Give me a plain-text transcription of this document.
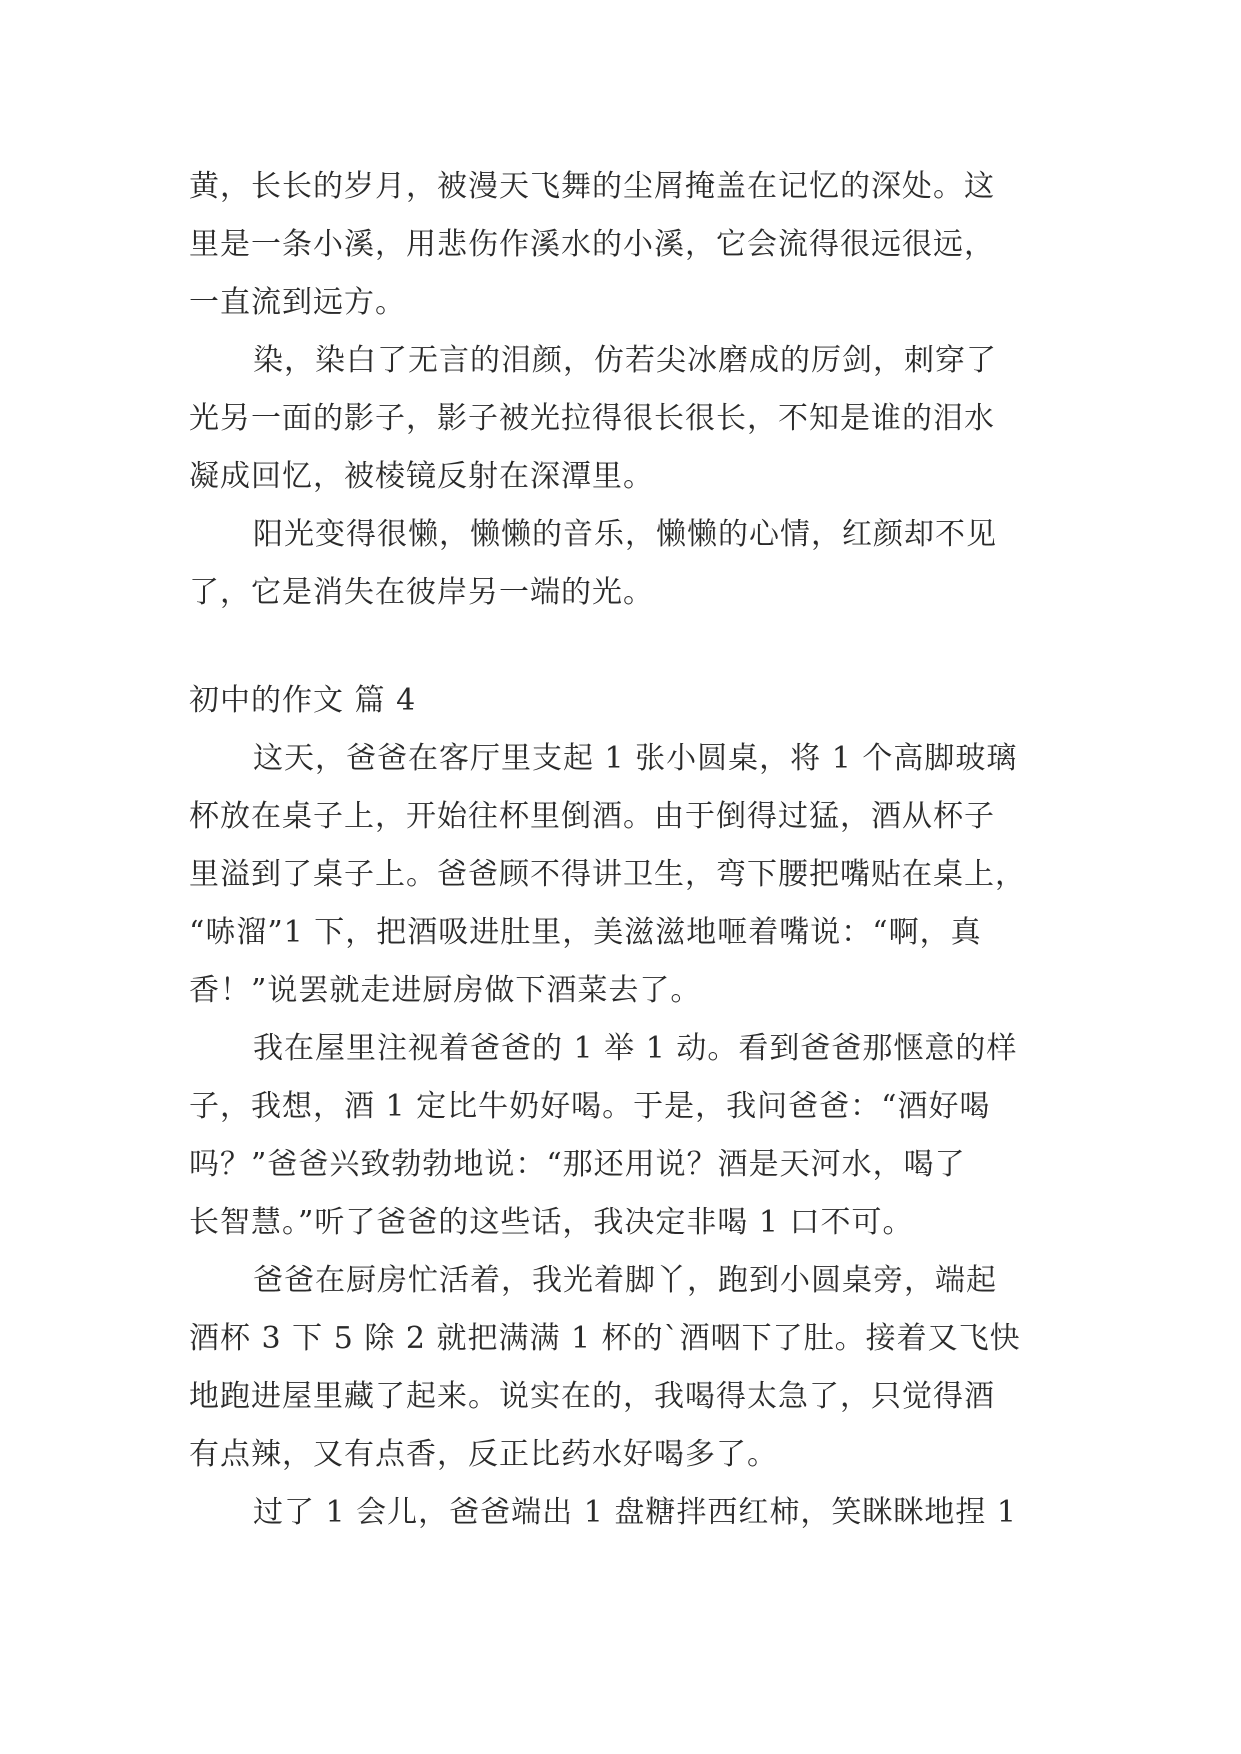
黄，长长的岁月，被漫天飞舞的尘屑掩盖在记忆的深处。这
里是一条小溪，用悲伤作溪水的小溪，它会流得很远很远，
一直流到远方。
染，染白了无言的泪颜，仿若尖冰磨成的厉剑，刺穿了
光另一面的影子，影子被光拉得很长很长，不知是谁的泪水
凝成回忆，被棱镜反射在深潭里。
阳光变得很懒，懒懒的音乐，懒懒的心情，红颜却不见
了，它是消失在彼岸另一端的光。
初中的作文 篇 4
这天，爸爸在客厅里支起 1 张小圆桌，将 1 个高脚玻璃
杯放在桌子上，开始往杯里倒酒。由于倒得过猛，酒从杯子
里溢到了桌子上。爸爸顾不得讲卫生，弯下腰把嘴贴在桌上，
“哧溜”1 下，把酒吸进肚里，美滋滋地咂着嘴说：“啊，真
香！”说罢就走进厨房做下酒菜去了。
我在屋里注视着爸爸的 1 举 1 动。看到爸爸那惬意的样
子，我想，酒 1 定比牛奶好喝。于是，我问爸爸：“酒好喝
吗？”爸爸兴致勃勃地说：“那还用说？酒是天河水，喝了
长智慧。”听了爸爸的这些话，我决定非喝 1 口不可。
爸爸在厨房忙活着，我光着脚丫，跑到小圆桌旁，端起
酒杯 3 下 5 除 2 就把满满 1 杯的`酒咽下了肚。接着又飞快
地跑进屋里藏了起来。说实在的，我喝得太急了，只觉得酒
有点辣，又有点香，反正比药水好喝多了。
过了 1 会儿，爸爸端出 1 盘糖拌西红柿，笑眯眯地捏 1
